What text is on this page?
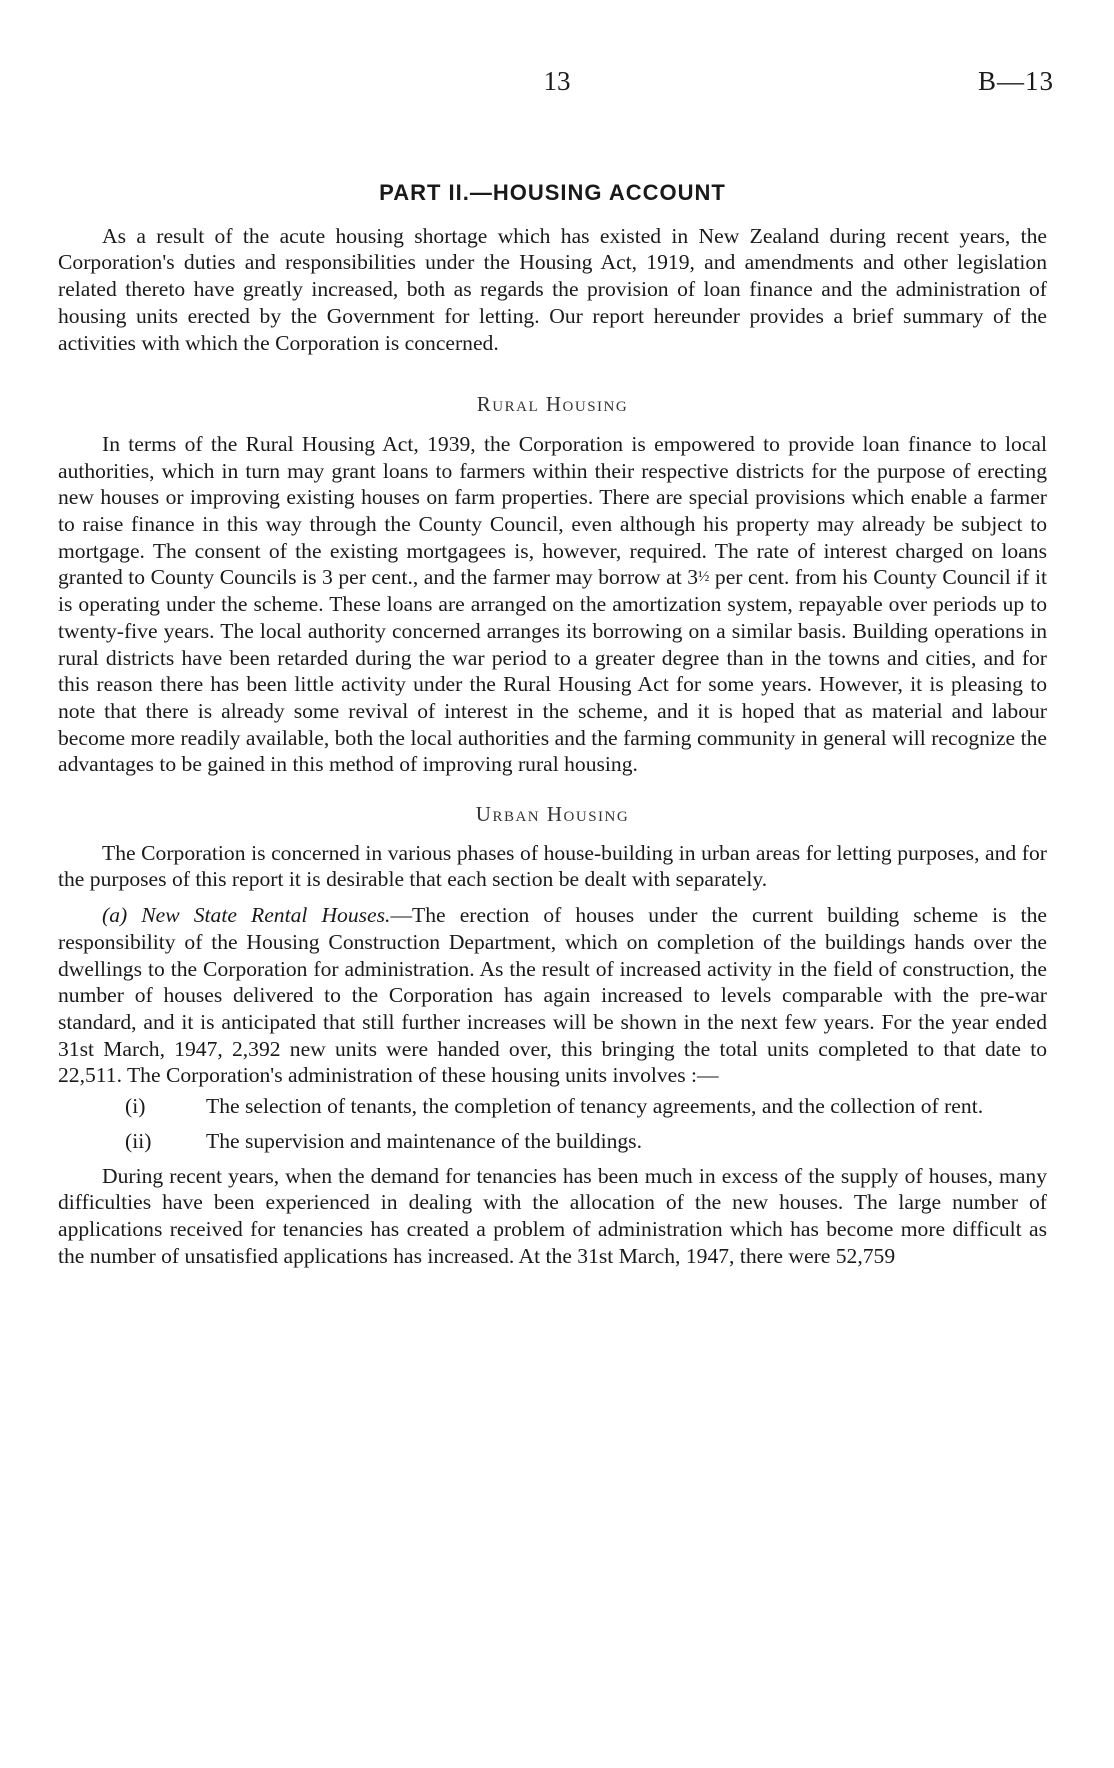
13	B—13
PART II.—HOUSING ACCOUNT

As a result of the acute housing shortage which has existed in New Zealand during recent years, the Corporation's duties and responsibilities under the Housing Act, 1919, and amendments and other legislation related thereto have greatly increased, both as regards the provision of loan finance and the administration of housing units erected by the Government for letting. Our report hereunder provides a brief summary of the activities with which the Corporation is concerned.

Rural Housing

In terms of the Rural Housing Act, 1939, the Corporation is empowered to provide loan finance to local authorities, which in turn may grant loans to farmers within their respective districts for the purpose of erecting new houses or improving existing houses on farm properties. There are special provisions which enable a farmer to raise finance in this way through the County Council, even although his property may already be subject to mortgage. The consent of the existing mortgagees is, however, required. The rate of interest charged on loans granted to County Councils is 3 per cent., and the farmer may borrow at 3½ per cent. from his County Council if it is operating under the scheme. These loans are arranged on the amortization system, repayable over periods up to twenty-five years. The local authority concerned arranges its borrowing on a similar basis. Building operations in rural districts have been retarded during the war period to a greater degree than in the towns and cities, and for this reason there has been little activity under the Rural Housing Act for some years. However, it is pleasing to note that there is already some revival of interest in the scheme, and it is hoped that as material and labour become more readily available, both the local authorities and the farming community in general will recognize the advantages to be gained in this method of improving rural housing.

Urban Housing

The Corporation is concerned in various phases of house-building in urban areas for letting purposes, and for the purposes of this report it is desirable that each section be dealt with separately.

(a) New State Rental Houses.—The erection of houses under the current building scheme is the responsibility of the Housing Construction Department, which on completion of the buildings hands over the dwellings to the Corporation for administration. As the result of increased activity in the field of construction, the number of houses delivered to the Corporation has again increased to levels comparable with the pre-war standard, and it is anticipated that still further increases will be shown in the next few years. For the year ended 31st March, 1947, 2,392 new units were handed over, this bringing the total units completed to that date to 22,511. The Corporation's administration of these housing units involves :—

(i)	The selection of tenants, the completion of tenancy agreements, and the collection of rent.
(ii)	The supervision and maintenance of the buildings.

During recent years, when the demand for tenancies has been much in excess of the supply of houses, many difficulties have been experienced in dealing with the allocation of the new houses. The large number of applications received for tenancies has created a problem of administration which has become more difficult as the number of unsatisfied applications has increased. At the 31st March, 1947, there were 52,759
